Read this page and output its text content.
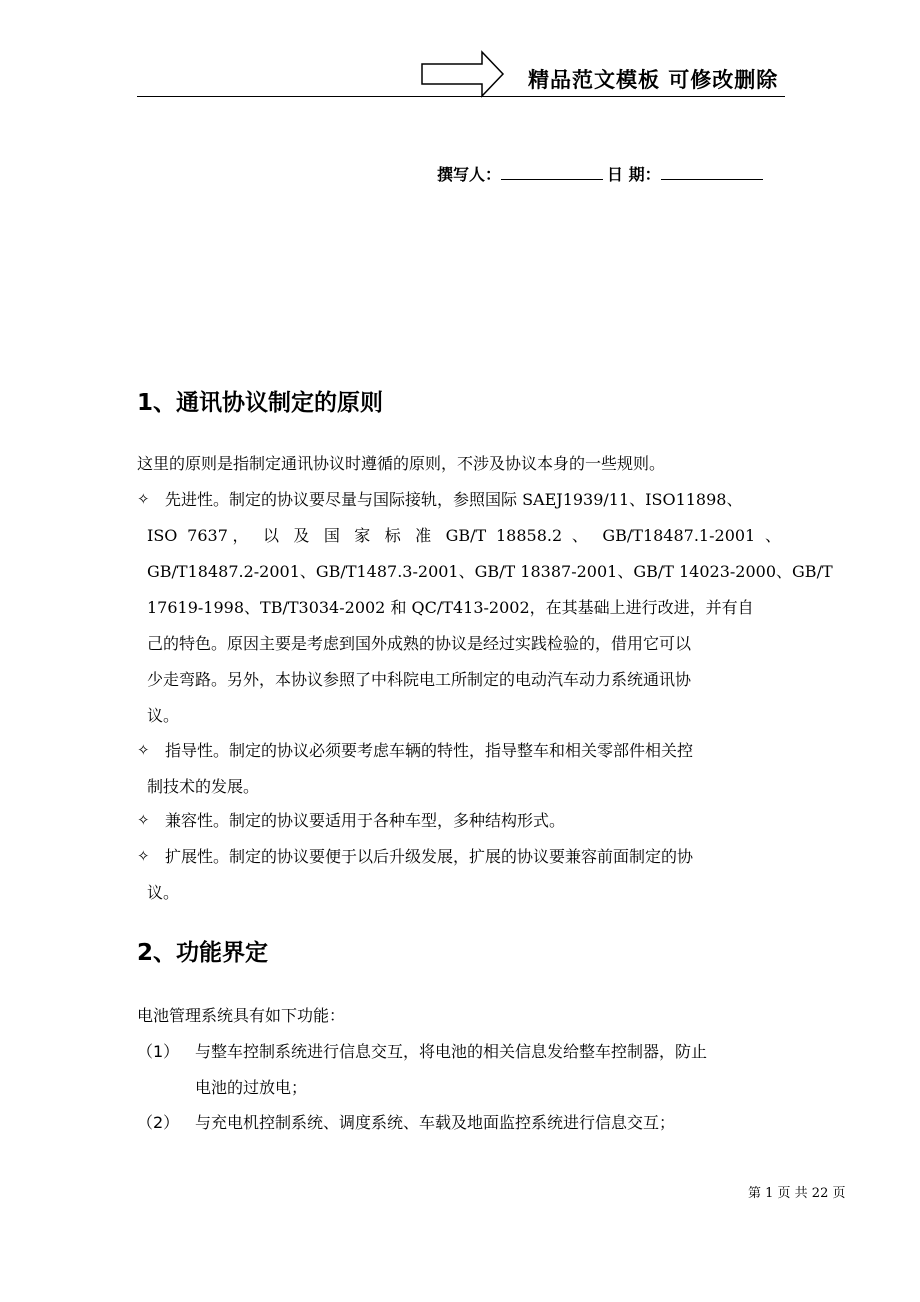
精品范文模板 可修改删除
撰写人：	日 期：
1、通讯协议制定的原则
这里的原则是指制定通讯协议时遵循的原则，不涉及协议本身的一些规则。
✧ 先进性。制定的协议要尽量与国际接轨，参照国际 SAEJ1939/11、ISO11898、
ISO 7637， 以 及 国 家 标 准 GB/T 18858.2 、 GB/T18487.1-2001 、
GB/T18487.2-2001、GB/T1487.3-2001、GB/T 18387-2001、GB/T 14023-2000、GB/T
17619-1998、TB/T3034-2002 和 QC/T413-2002，在其基础上进行改进，并有自
己的特色。原因主要是考虑到国外成熟的协议是经过实践检验的，借用它可以
少走弯路。另外，本协议参照了中科院电工所制定的电动汽车动力系统通讯协
议。
✧ 指导性。制定的协议必须要考虑车辆的特性，指导整车和相关零部件相关控
制技术的发展。
✧ 兼容性。制定的协议要适用于各种车型，多种结构形式。
✧ 扩展性。制定的协议要便于以后升级发展，扩展的协议要兼容前面制定的协
议。
2、功能界定
电池管理系统具有如下功能：
（1） 与整车控制系统进行信息交互，将电池的相关信息发给整车控制器，防止
电池的过放电；
（2） 与充电机控制系统、调度系统、车载及地面监控系统进行信息交互；
第 1 页 共 22 页
